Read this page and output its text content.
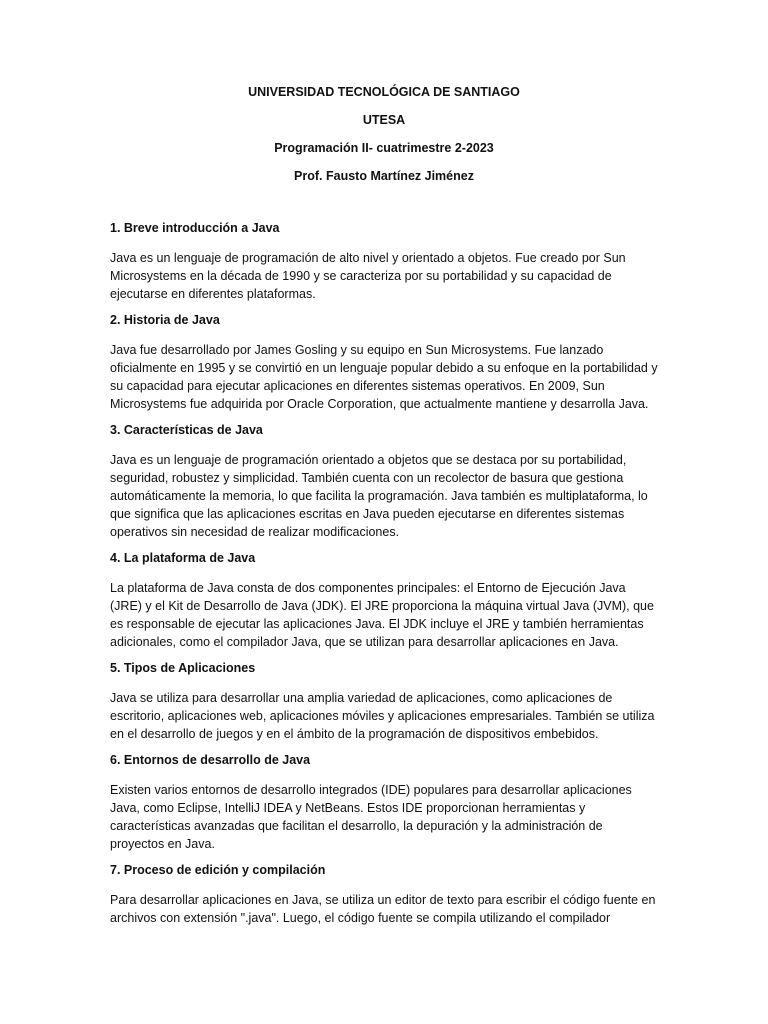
UNIVERSIDAD TECNOLÓGICA DE SANTIAGO
UTESA
Programación II- cuatrimestre 2-2023
Prof. Fausto Martínez Jiménez
1. Breve introducción a Java
Java es un lenguaje de programación de alto nivel y orientado a objetos. Fue creado por Sun Microsystems en la década de 1990 y se caracteriza por su portabilidad y su capacidad de ejecutarse en diferentes plataformas.
2. Historia de Java
Java fue desarrollado por James Gosling y su equipo en Sun Microsystems. Fue lanzado oficialmente en 1995 y se convirtió en un lenguaje popular debido a su enfoque en la portabilidad y su capacidad para ejecutar aplicaciones en diferentes sistemas operativos. En 2009, Sun Microsystems fue adquirida por Oracle Corporation, que actualmente mantiene y desarrolla Java.
3. Características de Java
Java es un lenguaje de programación orientado a objetos que se destaca por su portabilidad, seguridad, robustez y simplicidad. También cuenta con un recolector de basura que gestiona automáticamente la memoria, lo que facilita la programación. Java también es multiplataforma, lo que significa que las aplicaciones escritas en Java pueden ejecutarse en diferentes sistemas operativos sin necesidad de realizar modificaciones.
4. La plataforma de Java
La plataforma de Java consta de dos componentes principales: el Entorno de Ejecución Java (JRE) y el Kit de Desarrollo de Java (JDK). El JRE proporciona la máquina virtual Java (JVM), que es responsable de ejecutar las aplicaciones Java. El JDK incluye el JRE y también herramientas adicionales, como el compilador Java, que se utilizan para desarrollar aplicaciones en Java.
5. Tipos de Aplicaciones
Java se utiliza para desarrollar una amplia variedad de aplicaciones, como aplicaciones de escritorio, aplicaciones web, aplicaciones móviles y aplicaciones empresariales. También se utiliza en el desarrollo de juegos y en el ámbito de la programación de dispositivos embebidos.
6. Entornos de desarrollo de Java
Existen varios entornos de desarrollo integrados (IDE) populares para desarrollar aplicaciones Java, como Eclipse, IntelliJ IDEA y NetBeans. Estos IDE proporcionan herramientas y características avanzadas que facilitan el desarrollo, la depuración y la administración de proyectos en Java.
7. Proceso de edición y compilación
Para desarrollar aplicaciones en Java, se utiliza un editor de texto para escribir el código fuente en archivos con extensión ".java". Luego, el código fuente se compila utilizando el compilador
